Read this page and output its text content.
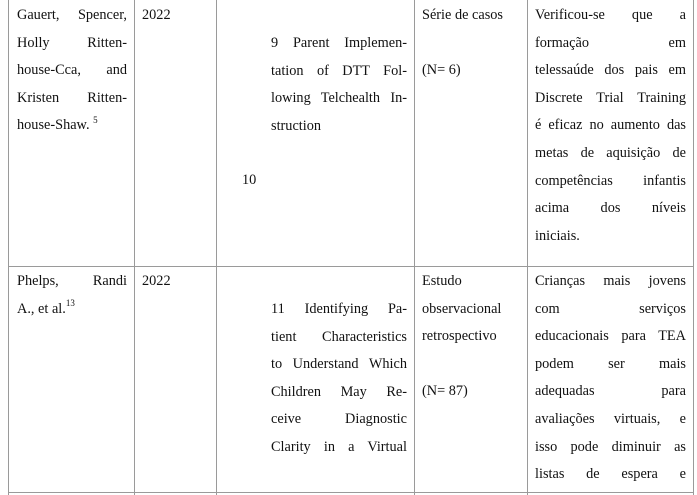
Gauert, Spencer,
Holly Ritten-
house-Cca, and
Kristen Ritten-
house-Shaw. $^5$
2022
10
9 Parent Implemen-
tation of DTT Fol-
lowing Telchealth In-
struction
Série de casos

(N= 6)
Verificou-se que a
formação em
telessaúde dos pais em
Discrete Trial Training
é eficaz no aumento das
metas de aquisição de
competências infantis
acima dos níveis
iniciais.
Phelps, Randi
A., et al.$^{13}$
2022
11 Identifying Pa-
tient Characteristics
to Understand Which
Children May Re-
ceive Diagnostic
Clarity in a Virtual
Estudo
observacional
retrospectivo

(N= 87)
Crianças mais jovens
com serviços
educacionais para TEA
podem ser mais
adequadas para
avaliações virtuais, e
isso pode diminuir as
listas de espera e
